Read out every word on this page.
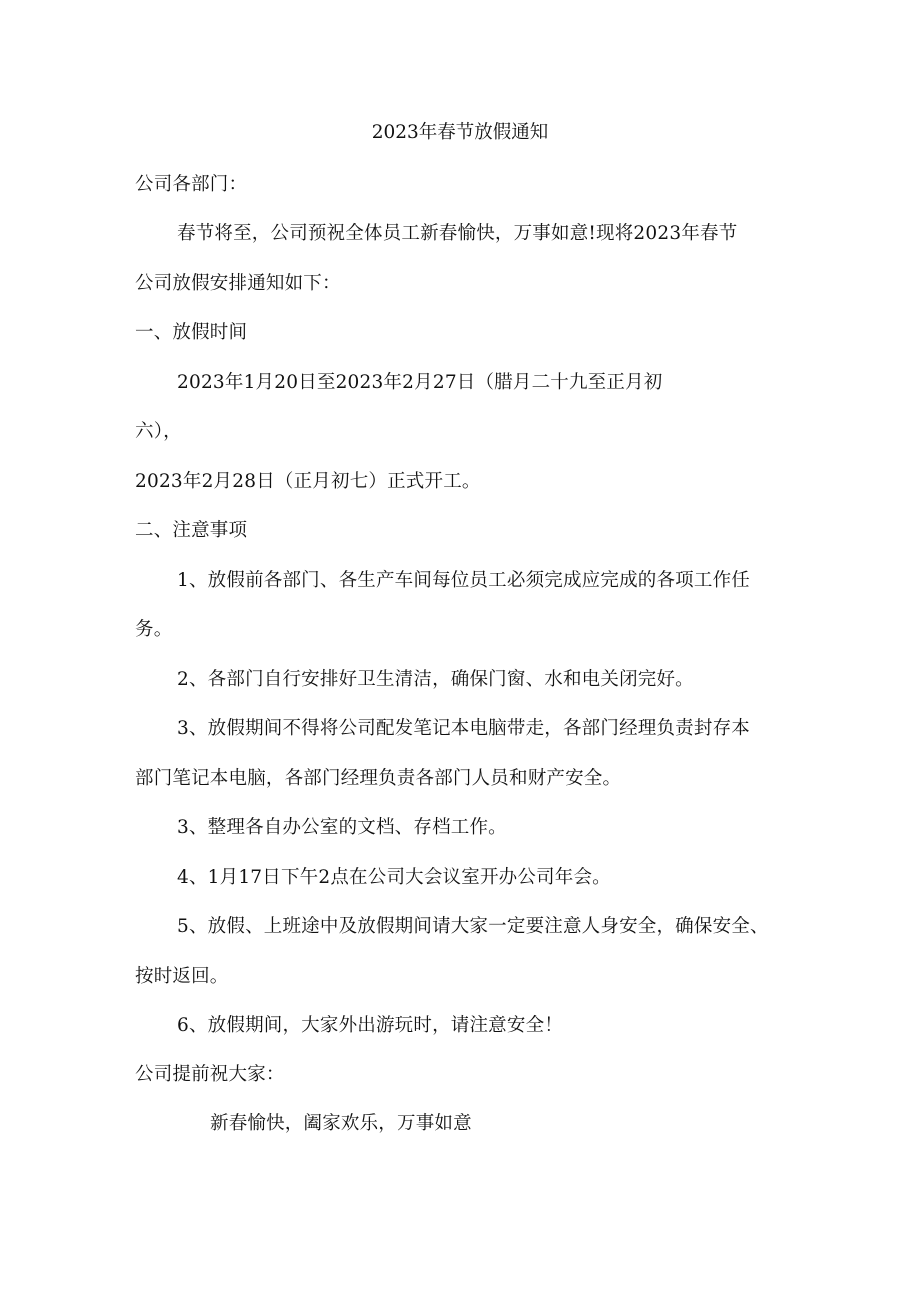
2023年春节放假通知
公司各部门：
春节将至，公司预祝全体员工新春愉快，万事如意!现将2023年春节
公司放假安排通知如下：
一、放假时间
2023年1月20日至2023年2月27日（腊月二十九至正月初
六），
2023年2月28日（正月初七）正式开工。
二、注意事项
1、放假前各部门、各生产车间每位员工必须完成应完成的各项工作任
务。
2、各部门自行安排好卫生清洁，确保门窗、水和电关闭完好。
3、放假期间不得将公司配发笔记本电脑带走，各部门经理负责封存本
部门笔记本电脑，各部门经理负责各部门人员和财产安全。
3、整理各自办公室的文档、存档工作。
4、1月17日下午2点在公司大会议室开办公司年会。
5、放假、上班途中及放假期间请大家一定要注意人身安全，确保安全、
按时返回。
6、放假期间，大家外出游玩时，请注意安全！
公司提前祝大家：
新春愉快，阖家欢乐，万事如意
